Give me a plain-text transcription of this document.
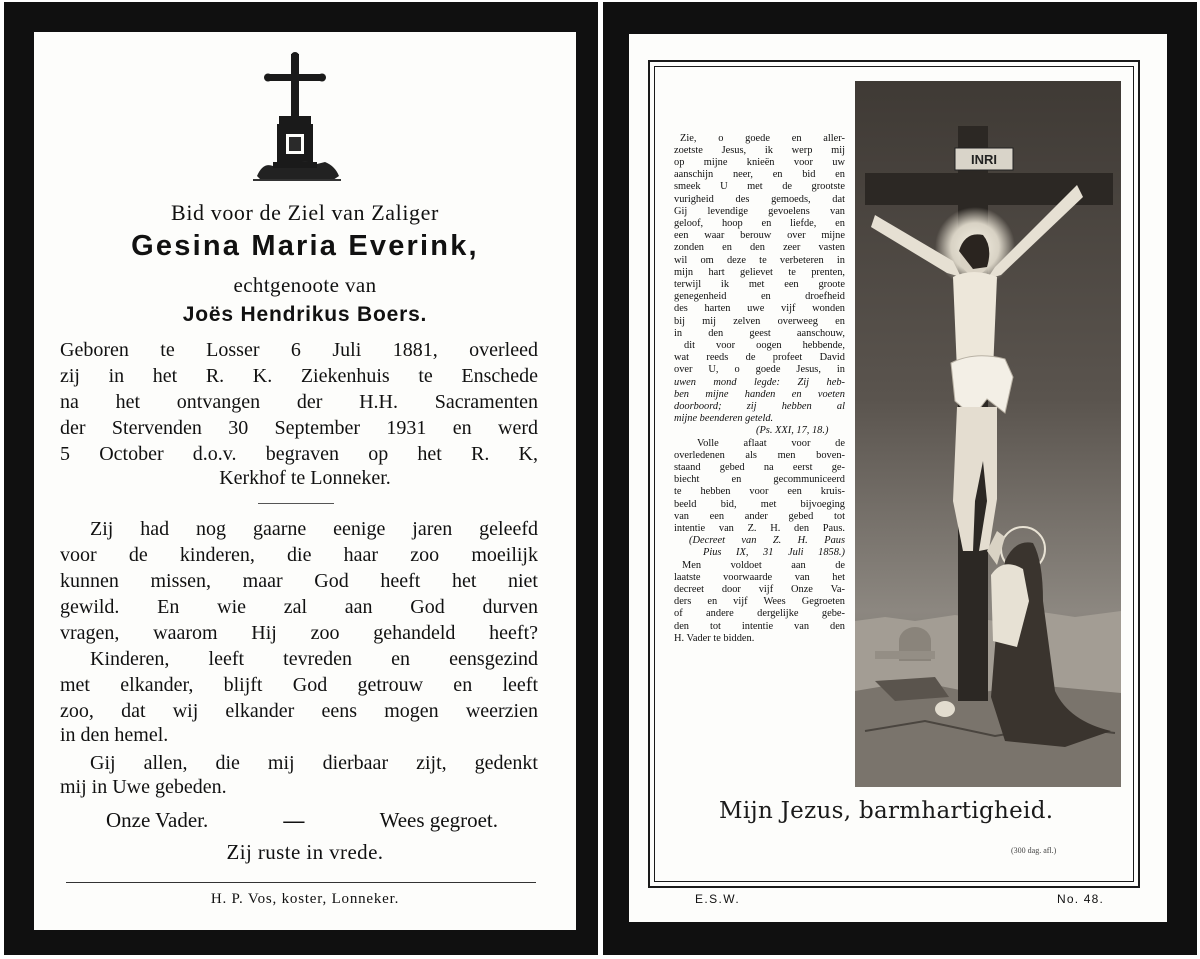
Bid voor de Ziel van Zaliger
Gesina Maria Everink,
echtgenoote van
Joës Hendrikus Boers.
Geboren te Losser 6 Juli 1881, overleed
zij in het R. K. Ziekenhuis te Enschede
na het ontvangen der H.H. Sacramenten
der Stervenden 30 September 1931 en werd
5 October d.o.v. begraven op het R. K,
Kerkhof te Lonneker.
Zij had nog gaarne eenige jaren geleefd
voor de kinderen, die haar zoo moeilijk
kunnen missen, maar God heeft het niet
gewild. En wie zal aan God durven
vragen, waarom Hij zoo gehandeld heeft?
Kinderen, leeft tevreden en eensgezind
met elkander, blijft God getrouw en leeft
zoo, dat wij elkander eens mogen weerzien
in den hemel.
Gij allen, die mij dierbaar zijt, gedenkt
mij in Uwe gebeden.
Onze Vader.	—	Wees gegroet.
Zij ruste in vrede.
H. P. Vos, koster, Lonneker.
Zie, o goede en aller-
zoetste Jesus, ik werp mij
op mijne knieën voor uw
aanschijn neer, en bid en
smeek U met de grootste
vurigheid des gemoeds, dat
Gij levendige gevoelens van
geloof, hoop en liefde, en
een waar berouw over mijne
zonden en den zeer vasten
wil om deze te verbeteren in
mijn hart gelievet te prenten,
terwijl ik met een groote
genegenheid en droefheid
des harten uwe vijf wonden
bij mij zelven overweeg en
in den geest aanschouw,
dit voor oogen hebbende,
wat reeds de profeet David
over U, o goede Jesus, in
uwen mond legde: Zij heb-
ben mijne handen en voeten
doorboord; zij hebben al
mijne beenderen geteld.
(Ps. XXI, 17, 18.)
Volle aflaat voor de
overledenen als men boven-
staand gebed na eerst ge-
biecht en gecommuniceerd
te hebben voor een kruis-
beeld bid, met bijvoeging
van een ander gebed tot
intentie van Z. H. den Paus.
(Decreet van Z. H. Paus
Pius IX, 31 Juli 1858.)
Men voldoet aan de
laatste voorwaarde van het
decreet door vijf Onze Va-
ders en vijf Wees Gegroeten
of andere dergelijke gebe-
den tot intentie van den
H. Vader te bidden.
INRI
Mijn Jezus, barmhartigheid.
(300 dag. afl.)
E.S.W.	No. 48.
